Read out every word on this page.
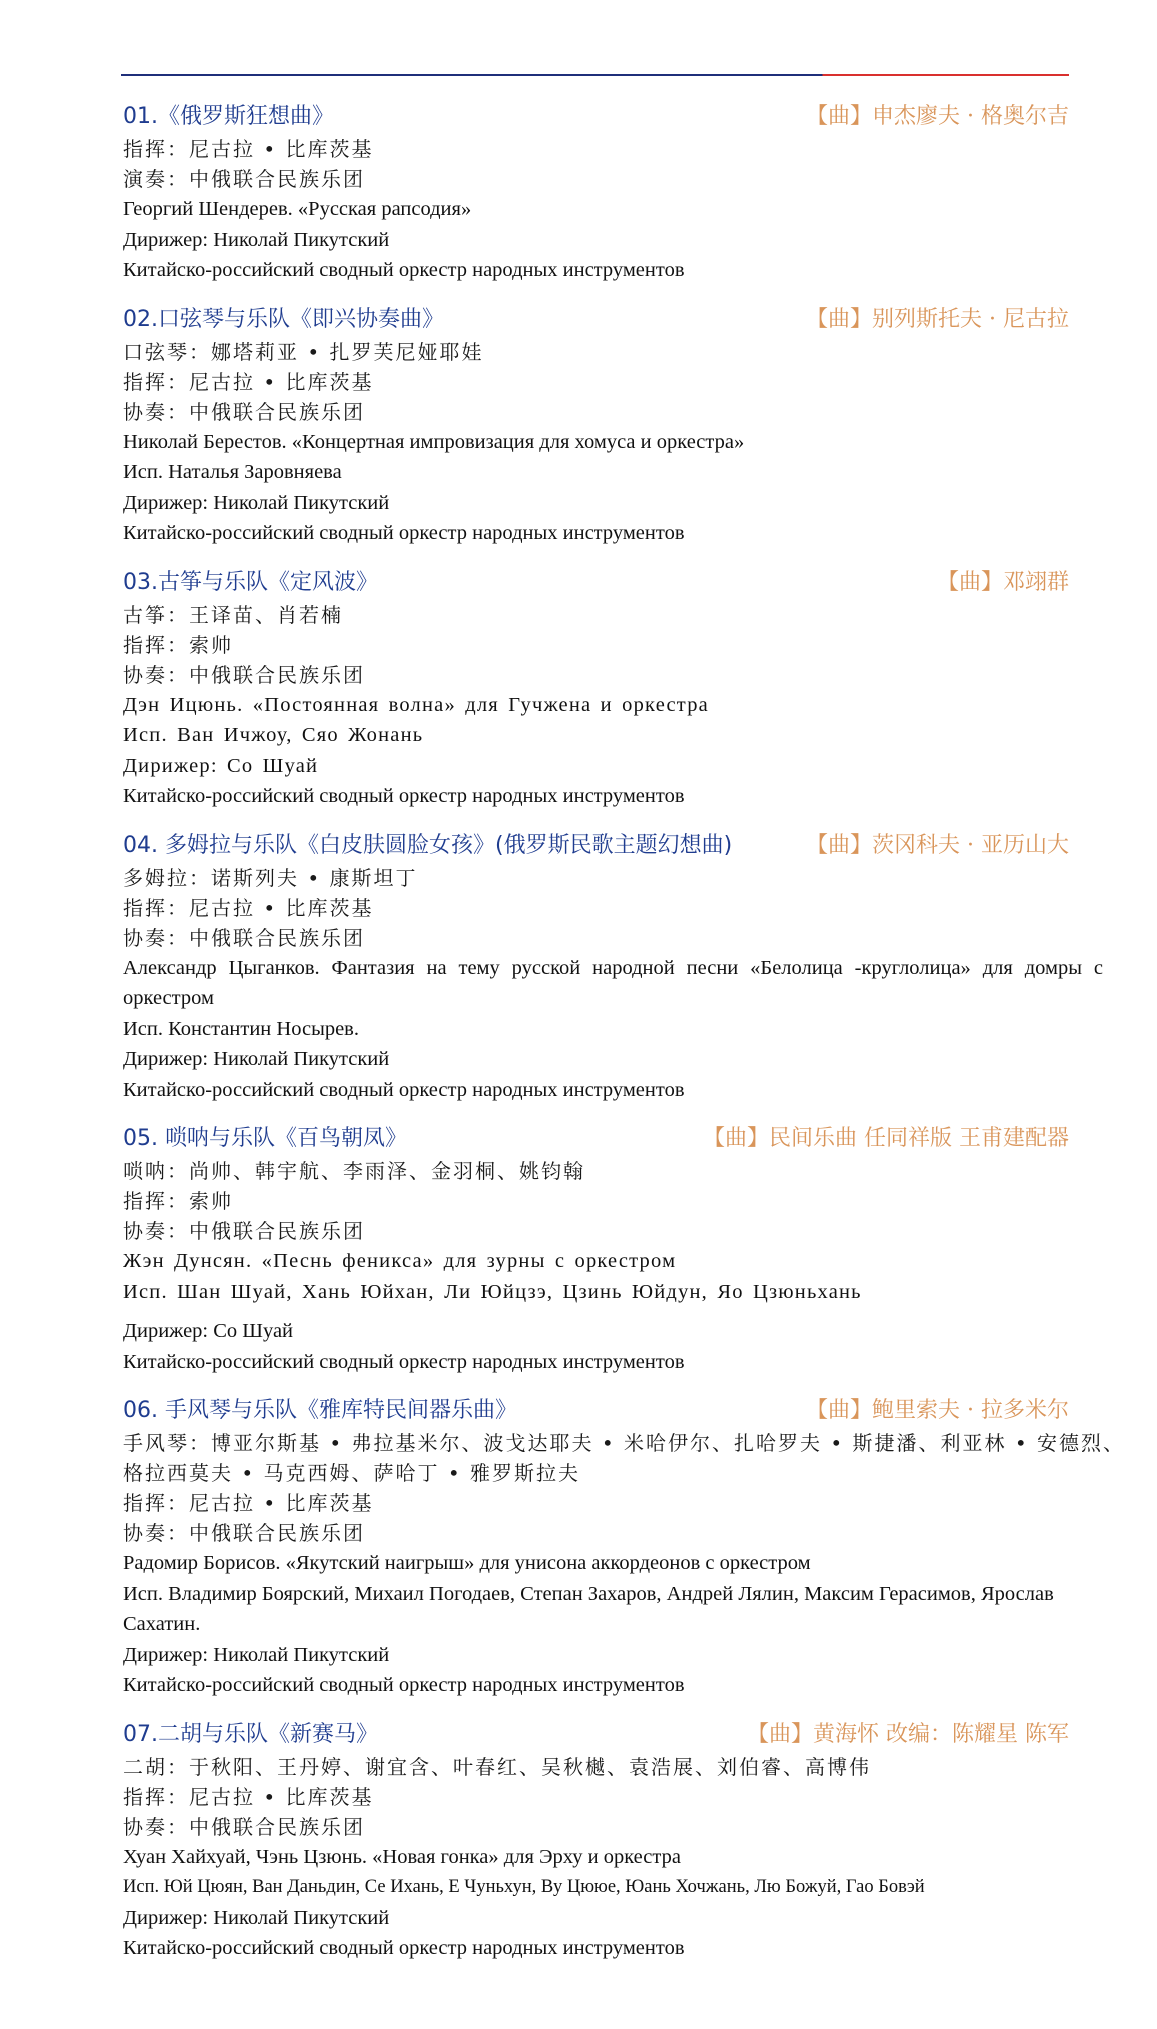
01.《俄罗斯狂想曲》	【曲】申杰廖夫 · 格奥尔吉
指挥：尼古拉 • 比库茨基
演奏：中俄联合民族乐团
Георгий Шендерев. «Русская рапсодия»
Дирижер: Николай Пикутский
Китайско-российский сводный оркестр народных инструментов
02.口弦琴与乐队《即兴协奏曲》	【曲】别列斯托夫 · 尼古拉
口弦琴：娜塔莉亚 • 扎罗芙尼娅耶娃
指挥：尼古拉 • 比库茨基
协奏：中俄联合民族乐团
Николай Берестов. «Концертная импровизация для хомуса и оркестра»
Исп. Наталья Заровняева
Дирижер: Николай Пикутский
Китайско-российский сводный оркестр народных инструментов
03.古筝与乐队《定风波》	【曲】邓翊群
古筝：王译苗、肖若楠
指挥：索帅
协奏：中俄联合民族乐团
Дэн Ицюнь. «Постоянная волна» для Гучжена и оркестра
Исп. Ван Ичжоу, Сяо Жонань
Дирижер: Со Шуай
Китайско-российский сводный оркестр народных инструментов
04. 多姆拉与乐队《白皮肤圆脸女孩》(俄罗斯民歌主题幻想曲)	【曲】茨冈科夫 · 亚历山大
多姆拉：诺斯列夫 • 康斯坦丁
指挥：尼古拉 • 比库茨基
协奏：中俄联合民族乐团
Александр Цыганков. Фантазия на тему русской народной песни «Белолица -круглолица» для домры с оркестром
Исп. Константин Носырев.
Дирижер: Николай Пикутский
Китайско-российский сводный оркестр народных инструментов
05. 唢呐与乐队《百鸟朝凤》	【曲】民间乐曲 任同祥版 王甫建配器
唢呐：尚帅、韩宇航、李雨泽、金羽桐、姚钧翰
指挥：索帅
协奏：中俄联合民族乐团
Жэн Дунсян. «Песнь феникса» для зурны с оркестром
Исп. Шан Шуай, Хань Юйхан, Ли Юйцзэ, Цзинь Юйдун, Яо Цзюньхань
Дирижер: Со Шуай
Китайско-российский сводный оркестр народных инструментов
06. 手风琴与乐队《雅库特民间器乐曲》	【曲】鲍里索夫 · 拉多米尔
手风琴：博亚尔斯基 • 弗拉基米尔、波戈达耶夫 • 米哈伊尔、扎哈罗夫 • 斯捷潘、利亚林 • 安德烈、
格拉西莫夫 • 马克西姆、萨哈丁 • 雅罗斯拉夫
指挥：尼古拉 • 比库茨基
协奏：中俄联合民族乐团
Радомир Борисов. «Якутский наигрыш» для унисона аккордеонов с оркестром
Исп. Владимир Боярский, Михаил Погодаев, Степан Захаров, Андрей Лялин, Максим Герасимов, Ярослав Сахатин.
Дирижер: Николай Пикутский
Китайско-российский сводный оркестр народных инструментов
07.二胡与乐队《新赛马》	【曲】黄海怀 改编：陈耀星 陈军
二胡：于秋阳、王丹婷、谢宜含、叶春红、吴秋樾、袁浩展、刘伯睿、高博伟
指挥：尼古拉 • 比库茨基
协奏：中俄联合民族乐团
Хуан Хайхуай, Чэнь Цзюнь. «Новая гонка» для Эрху и оркестра
Исп. Юй Цюян, Ван Даньдин, Се Ихань, Е Чуньхун, Ву Цююе, Юань Хочжань, Лю Божуй, Гао Бовэй
Дирижер: Николай Пикутский
Китайско-российский сводный оркестр народных инструментов
